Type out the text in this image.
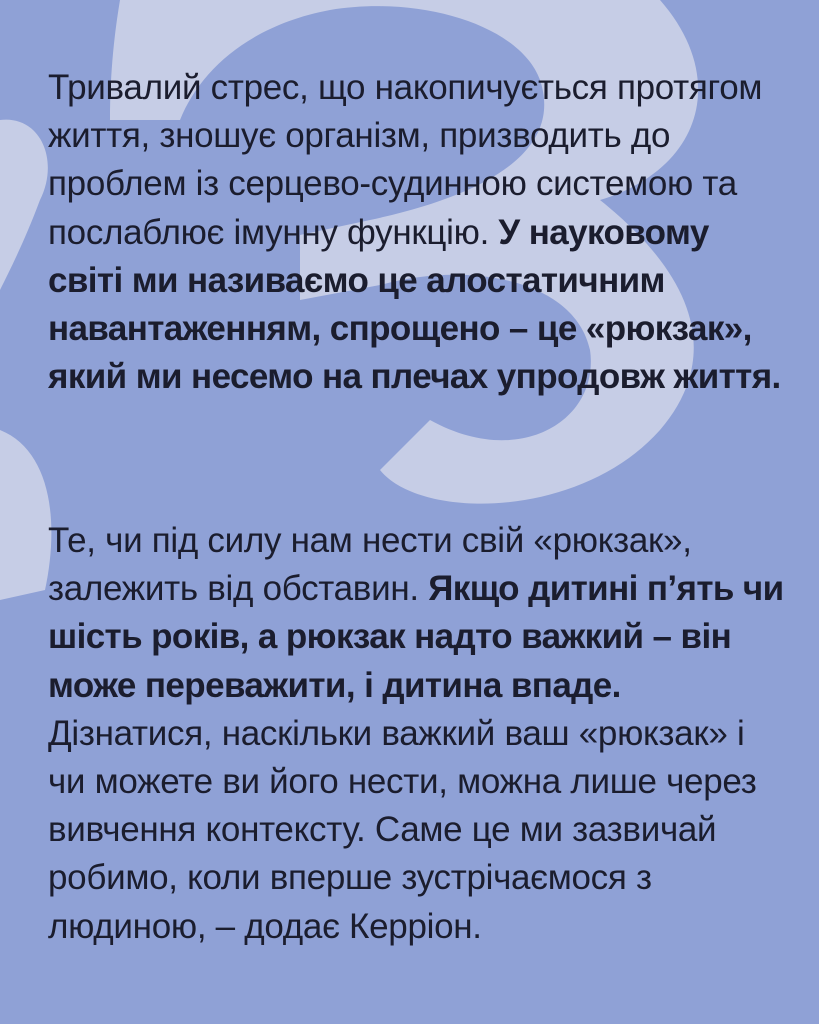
Тривалий стрес, що накопичується протягом життя, зношує організм, призводить до проблем із серцево-судинною системою та послаблює імунну функцію. У науковому світі ми називаємо це алостатичним навантаженням, спрощено – це «рюкзак», який ми несемо на плечах упродовж життя.
Те, чи під силу нам нести свій «рюкзак», залежить від обставин. Якщо дитині п’ять чи шість років, а рюкзак надто важкий – він може переважити, і дитина впаде. Дізнатися, наскільки важкий ваш «рюкзак» і чи можете ви його нести, можна лише через вивчення контексту. Саме це ми зазвичай робимо, коли вперше зустрічаємося з людиною, – додає Керріон.
